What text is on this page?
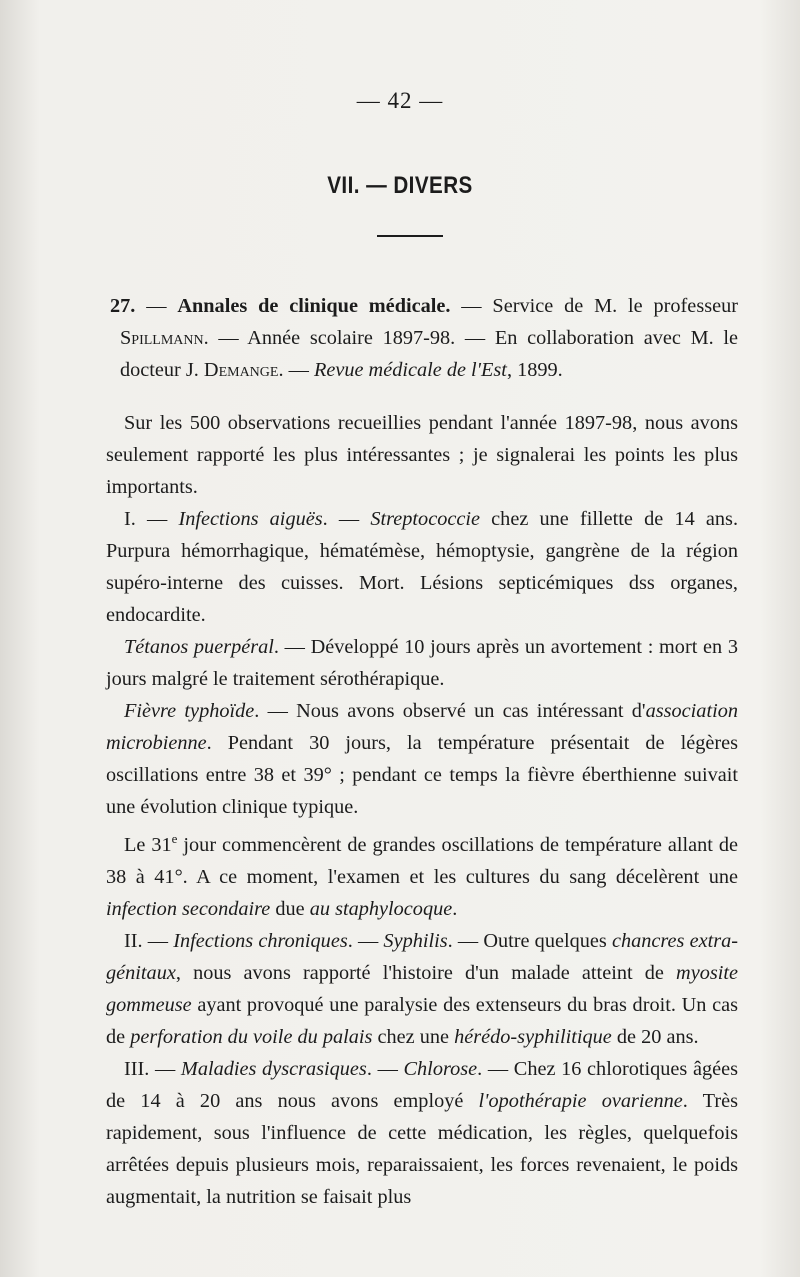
— 42 —
VII. — DIVERS

27. — Annales de clinique médicale. — Service de M. le professeur Spillmann. — Année scolaire 1897-98. — En collaboration avec M. le docteur J. Demange. — Revue médicale de l'Est, 1899.

Sur les 500 observations recueillies pendant l'année 1897-98, nous avons seulement rapporté les plus intéressantes ; je signalerai les points les plus importants.

I. — Infections aiguës. — Streptococcie chez une fillette de 14 ans. Purpura hémorrhagique, hématémèse, hémoptysie, gangrène de la région supéro-interne des cuisses. Mort. Lésions septicémiques dss organes, endocardite.

Tétanos puerpéral. — Développé 10 jours après un avortement : mort en 3 jours malgré le traitement sérothérapique.

Fièvre typhoïde. — Nous avons observé un cas intéressant d'association microbienne. Pendant 30 jours, la température présentait de légères oscillations entre 38 et 39° ; pendant ce temps la fièvre éberthienne suivait une évolution clinique typique.

Le 31e jour commencèrent de grandes oscillations de température allant de 38 à 41°. A ce moment, l'examen et les cultures du sang décelèrent une infection secondaire due au staphylocoque.

II. — Infections chroniques. — Syphilis. — Outre quelques chancres extra-génitaux, nous avons rapporté l'histoire d'un malade atteint de myosite gommeuse ayant provoqué une paralysie des extenseurs du bras droit. Un cas de perforation du voile du palais chez une hérédo-syphilitique de 20 ans.

III. — Maladies dyscrasiques. — Chlorose. — Chez 16 chlorotiques âgées de 14 à 20 ans nous avons employé l'opothérapie ovarienne. Très rapidement, sous l'influence de cette médication, les règles, quelquefois arrêtées depuis plusieurs mois, reparaissaient, les forces revenaient, le poids augmentait, la nutrition se faisait plus
